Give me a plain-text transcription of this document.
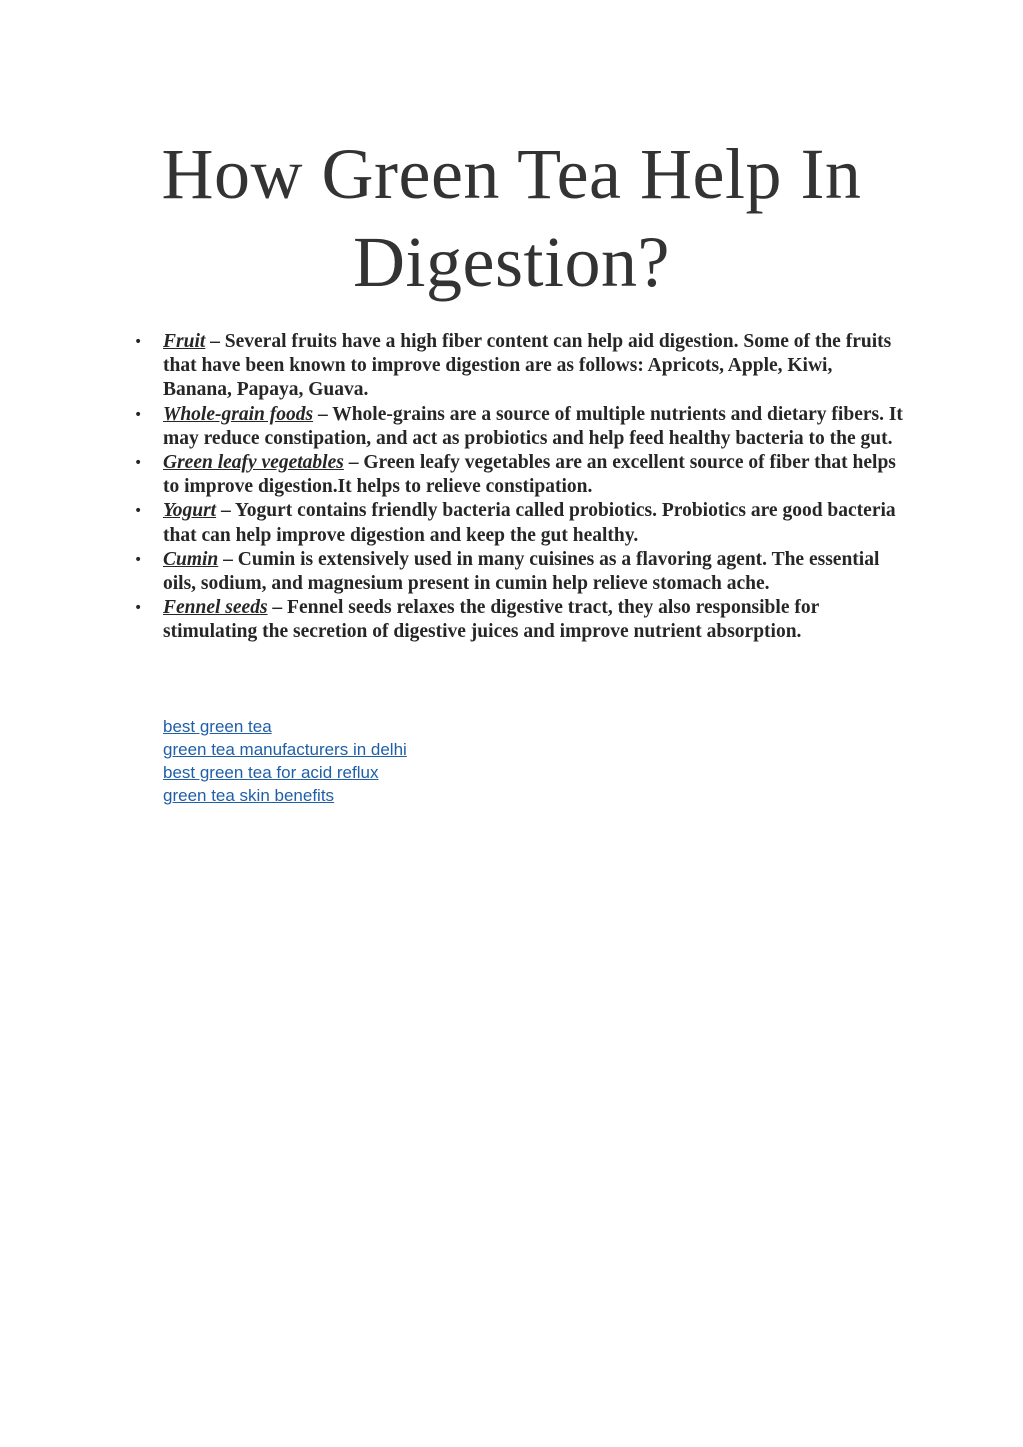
How Green Tea Help In Digestion?
• Fruit – Several fruits have a high fiber content can help aid digestion. Some of the fruits that have been known to improve digestion are as follows: Apricots, Apple, Kiwi, Banana, Papaya, Guava.
• Whole-grain foods – Whole-grains are a source of multiple nutrients and dietary fibers. It may reduce constipation, and act as probiotics and help feed healthy bacteria to the gut.
• Green leafy vegetables – Green leafy vegetables are an excellent source of fiber that helps to improve digestion.It helps to relieve constipation.
• Yogurt – Yogurt contains friendly bacteria called probiotics. Probiotics are good bacteria that can help improve digestion and keep the gut healthy.
• Cumin – Cumin is extensively used in many cuisines as a flavoring agent. The essential oils, sodium, and magnesium present in cumin help relieve stomach ache.
• Fennel seeds – Fennel seeds relaxes the digestive tract, they also responsible for stimulating the secretion of digestive juices and improve nutrient absorption.
best green tea
green tea manufacturers in delhi
best green tea for acid reflux
green tea skin benefits
